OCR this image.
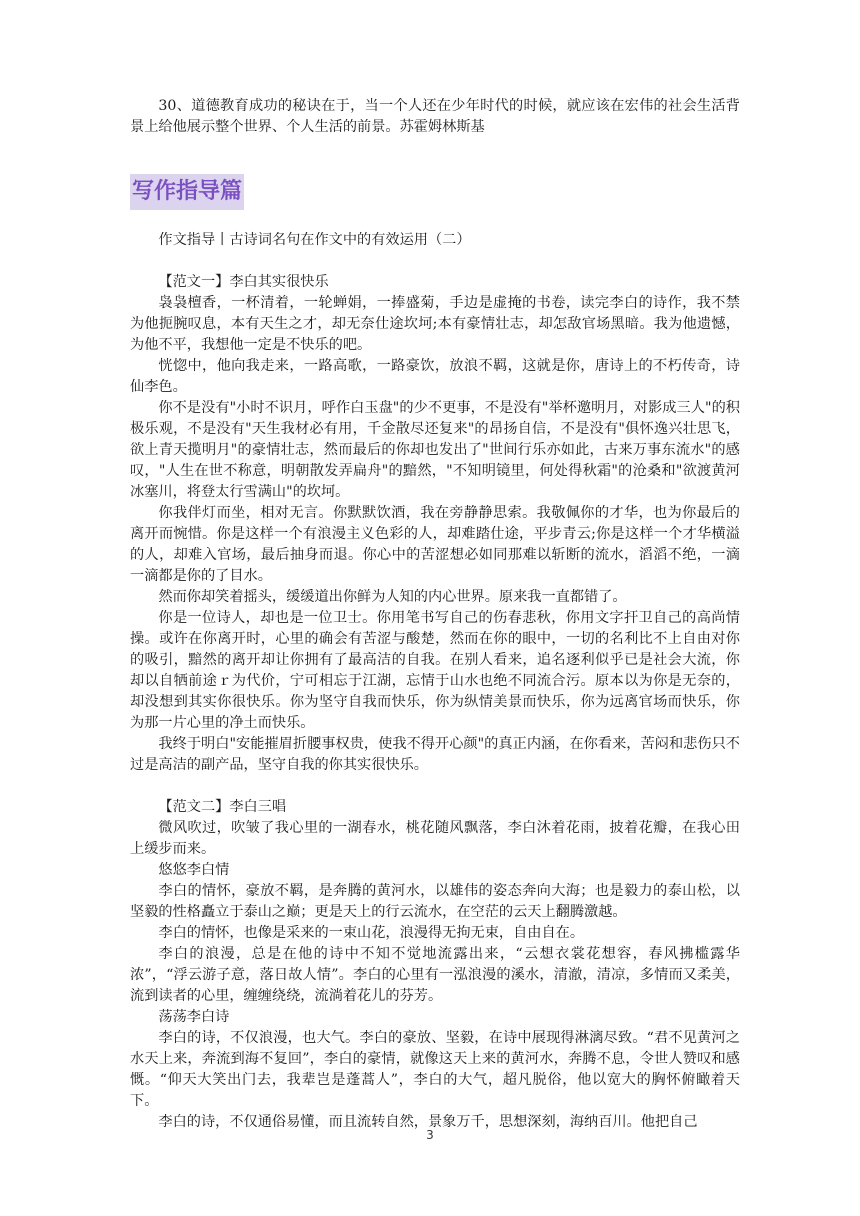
30、道德教育成功的秘诀在于，当一个人还在少年时代的时候，就应该在宏伟的社会生活背景上给他展示整个世界、个人生活的前景。苏霍姆林斯基

写作指导篇

作文指导丨古诗词名句在作文中的有效运用（二）

【范文一】李白其实很快乐

袅袅檀香，一杯清着，一轮蝉娟，一捧盛菊，手边是虚掩的书卷，读完李白的诗作，我不禁为他扼腕叹息，本有天生之才，却无奈仕途坎坷;本有豪情壮志，却怎敌官场黑暗。我为他遗憾，为他不平，我想他一定是不快乐的吧。

恍惚中，他向我走来，一路高歌，一路豪饮，放浪不羁，这就是你，唐诗上的不朽传奇，诗仙李色。

你不是没有"小时不识月，呼作白玉盘"的少不更事，不是没有"举杯邀明月，对影成三人"的积极乐观，不是没有"天生我材必有用，千金散尽还复来"的昂扬自信，不是没有"俱怀逸兴壮思飞，欲上青天揽明月"的豪情壮志，然而最后的你却也发出了"世间行乐亦如此，古来万事东流水"的感叹，"人生在世不称意，明朝散发弄扁舟"的黯然，"不知明镜里，何处得秋霜"的沧桑和"欲渡黄河冰塞川，将登太行雪满山"的坎坷。

你我伴灯而坐，相对无言。你默默饮酒，我在旁静静思索。我敬佩你的才华，也为你最后的离开而惋惜。你是这样一个有浪漫主义色彩的人，却难踏仕途，平步青云;你是这样一个才华横溢的人，却难入官场，最后抽身而退。你心中的苦涩想必如同那难以斩断的流水，滔滔不绝，一滴一滴都是你的了目水。

然而你却笑着摇头，缓缓道出你鲜为人知的内心世界。原来我一直都错了。

你是一位诗人，却也是一位卫士。你用笔书写自己的伤春悲秋，你用文字扞卫自己的高尚情操。或许在你离开时，心里的确会有苦涩与酸楚，然而在你的眼中，一切的名利比不上自由对你的吸引，黯然的离开却让你拥有了最高洁的自我。在别人看来，追名逐利似乎已是社会大流，你却以自牺前途ｒ为代价，宁可相忘于江湖，忘情于山水也绝不同流合污。原本以为你是无奈的，却没想到其实你很快乐。你为坚守自我而快乐，你为纵情美景而快乐，你为远离官场而快乐，你为那一片心里的净土而快乐。

我终于明白"安能摧眉折腰事权贵，使我不得开心颜"的真正内涵，在你看来，苦闷和悲伤只不过是高洁的副产品，坚守自我的你其实很快乐。

【范文二】李白三唱

微风吹过，吹皱了我心里的一湖春水，桃花随风飘落，李白沐着花雨，披着花瓣，在我心田上缓步而来。

悠悠李白情

李白的情怀，豪放不羁，是奔腾的黄河水，以雄伟的姿态奔向大海；也是毅力的泰山松，以坚毅的性格矗立于泰山之巅；更是天上的行云流水，在空茫的云天上翻腾激越。

李白的情怀，也像是采来的一束山花，浪漫得无拘无束，自由自在。

李白的浪漫，总是在他的诗中不知不觉地流露出来，“云想衣裳花想容，春风拂槛露华浓”，“浮云游子意，落日故人情”。李白的心里有一泓浪漫的溪水，清澈，清凉，多情而又柔美，流到读者的心里，缠缠绕绕，流淌着花儿的芬芳。

荡荡李白诗

李白的诗，不仅浪漫，也大气。李白的豪放、坚毅，在诗中展现得淋漓尽致。“君不见黄河之水天上来，奔流到海不复回”，李白的豪情，就像这天上来的黄河水，奔腾不息，令世人赞叹和感慨。“仰天大笑出门去，我辈岂是蓬蒿人”，李白的大气，超凡脱俗，他以宽大的胸怀俯瞰着天下。

李白的诗，不仅通俗易懂，而且流转自然，景象万千，思想深刻，海纳百川。他把自己

3
